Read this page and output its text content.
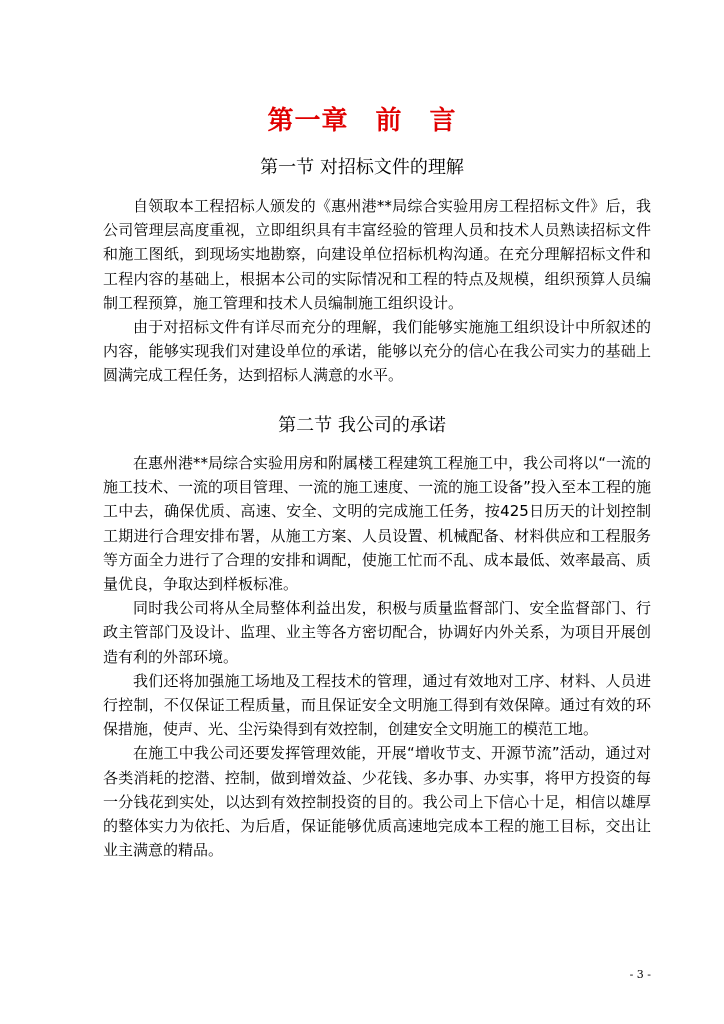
第一章　前　言
第一节 对招标文件的理解

自领取本工程招标人颁发的《惠州港**局综合实验用房工程招标文件》后，我公司管理层高度重视，立即组织具有丰富经验的管理人员和技术人员熟读招标文件和施工图纸，到现场实地勘察，向建设单位招标机构沟通。在充分理解招标文件和工程内容的基础上，根据本公司的实际情况和工程的特点及规模，组织预算人员编制工程预算，施工管理和技术人员编制施工组织设计。

由于对招标文件有详尽而充分的理解，我们能够实施施工组织设计中所叙述的内容，能够实现我们对建设单位的承诺，能够以充分的信心在我公司实力的基础上圆满完成工程任务，达到招标人满意的水平。

第二节 我公司的承诺

在惠州港**局综合实验用房和附属楼工程建筑工程施工中，我公司将以“一流的施工技术、一流的项目管理、一流的施工速度、一流的施工设备”投入至本工程的施工中去，确保优质、高速、安全、文明的完成施工任务，按425日历天的计划控制工期进行合理安排布署，从施工方案、人员设置、机械配备、材料供应和工程服务等方面全力进行了合理的安排和调配，使施工忙而不乱、成本最低、效率最高、质量优良，争取达到样板标准。

同时我公司将从全局整体利益出发，积极与质量监督部门、安全监督部门、行政主管部门及设计、监理、业主等各方密切配合，协调好内外关系，为项目开展创造有利的外部环境。

我们还将加强施工场地及工程技术的管理，通过有效地对工序、材料、人员进行控制，不仅保证工程质量，而且保证安全文明施工得到有效保障。通过有效的环保措施，使声、光、尘污染得到有效控制，创建安全文明施工的模范工地。

在施工中我公司还要发挥管理效能，开展“增收节支、开源节流”活动，通过对各类消耗的挖潜、控制，做到增效益、少花钱、多办事、办实事，将甲方投资的每一分钱花到实处，以达到有效控制投资的目的。我公司上下信心十足，相信以雄厚的整体实力为依托、为后盾，保证能够优质高速地完成本工程的施工目标，交出让业主满意的精品。

- 3 -
